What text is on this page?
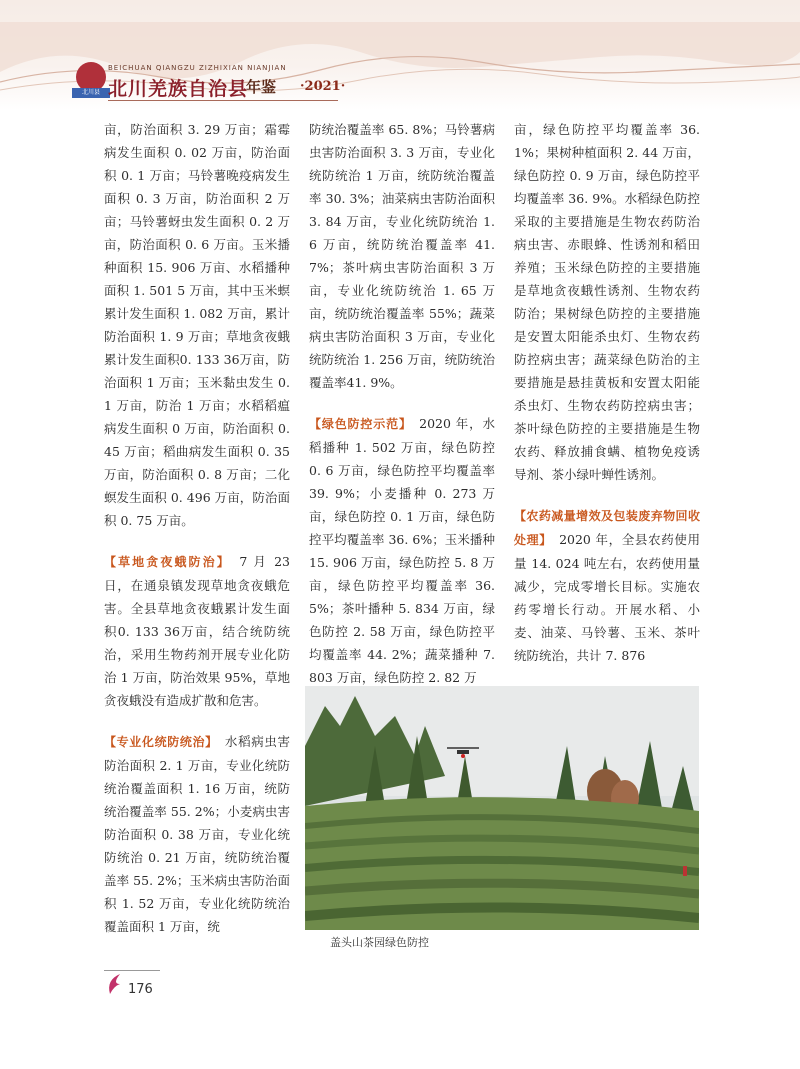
北川县
BEICHUAN QIANGZU ZIZHIXIAN NIANJIAN
北川羌族自治县
年鉴 ·2021·

亩，防治面积 3. 29 万亩；霜霉病发生面积 0. 02 万亩，防治面积 0. 1 万亩；马铃薯晚疫病发生面积 0. 3 万亩，防治面积 2 万亩；马铃薯蚜虫发生面积 0. 2 万亩，防治面积 0. 6 万亩。玉米播种面积 15. 906 万亩、水稻播种面积 1. 501 5 万亩，其中玉米螟累计发生面积 1. 082 万亩，累计防治面积 1. 9 万亩；草地贪夜蛾累计发生面积0. 133 36万亩，防治面积 1 万亩；玉米黏虫发生 0. 1 万亩，防治 1 万亩；水稻稻瘟病发生面积 0 万亩，防治面积 0. 45 万亩；稻曲病发生面积 0. 35 万亩，防治面积 0. 8 万亩；二化螟发生面积 0. 496 万亩，防治面积 0. 75 万亩。

【草地贪夜蛾防治】　7 月 23 日，在通泉镇发现草地贪夜蛾危害。全县草地贪夜蛾累计发生面积0. 133 36万亩，结合统防统治，采用生物药剂开展专业化防治 1 万亩，防治效果 95%，草地贪夜蛾没有造成扩散和危害。

【专业化统防统治】　水稻病虫害防治面积 2. 1 万亩，专业化统防统治覆盖面积 1. 16 万亩，统防统治覆盖率 55. 2%；小麦病虫害防治面积 0. 38 万亩，专业化统防统治 0. 21 万亩，统防统治覆盖率 55. 2%；玉米病虫害防治面积 1. 52 万亩，专业化统防统治覆盖面积 1 万亩，统

防统治覆盖率 65. 8%；马铃薯病虫害防治面积 3. 3 万亩，专业化统防统治 1 万亩，统防统治覆盖率 30. 3%；油菜病虫害防治面积 3. 84 万亩，专业化统防统治 1. 6 万亩，统防统治覆盖率 41. 7%；茶叶病虫害防治面积 3 万亩，专业化统防统治 1. 65 万亩，统防统治覆盖率 55%；蔬菜病虫害防治面积 3 万亩，专业化统防统治 1. 256 万亩，统防统治覆盖率41. 9%。

【绿色防控示范】　2020 年，水稻播种 1. 502 万亩，绿色防控 0. 6 万亩，绿色防控平均覆盖率 39. 9%；小麦播种 0. 273 万亩，绿色防控 0. 1 万亩，绿色防控平均覆盖率 36. 6%；玉米播种 15. 906 万亩，绿色防控 5. 8 万亩，绿色防控平均覆盖率 36. 5%；茶叶播种 5. 834 万亩，绿色防控 2. 58 万亩，绿色防控平均覆盖率 44. 2%；蔬菜播种 7. 803 万亩，绿色防控 2. 82 万

亩，绿色防控平均覆盖率 36. 1%；果树种植面积 2. 44 万亩，绿色防控 0. 9 万亩，绿色防控平均覆盖率 36. 9%。水稻绿色防控采取的主要措施是生物农药防治病虫害、赤眼蜂、性诱剂和稻田养殖；玉米绿色防控的主要措施是草地贪夜蛾性诱剂、生物农药防治；果树绿色防控的主要措施是安置太阳能杀虫灯、生物农药防控病虫害；蔬菜绿色防治的主要措施是悬挂黄板和安置太阳能杀虫灯、生物农药防控病虫害；茶叶绿色防控的主要措施是生物农药、释放捕食螨、植物免疫诱导剂、茶小绿叶蝉性诱剂。

【农药减量增效及包装废弃物回收处理】　2020 年，全县农药使用量 14. 024 吨左右，农药使用量减少，完成零增长目标。实施农药零增长行动。开展水稻、小麦、油菜、马铃薯、玉米、茶叶统防统治，共计 7. 876

盖头山茶园绿色防控
176
